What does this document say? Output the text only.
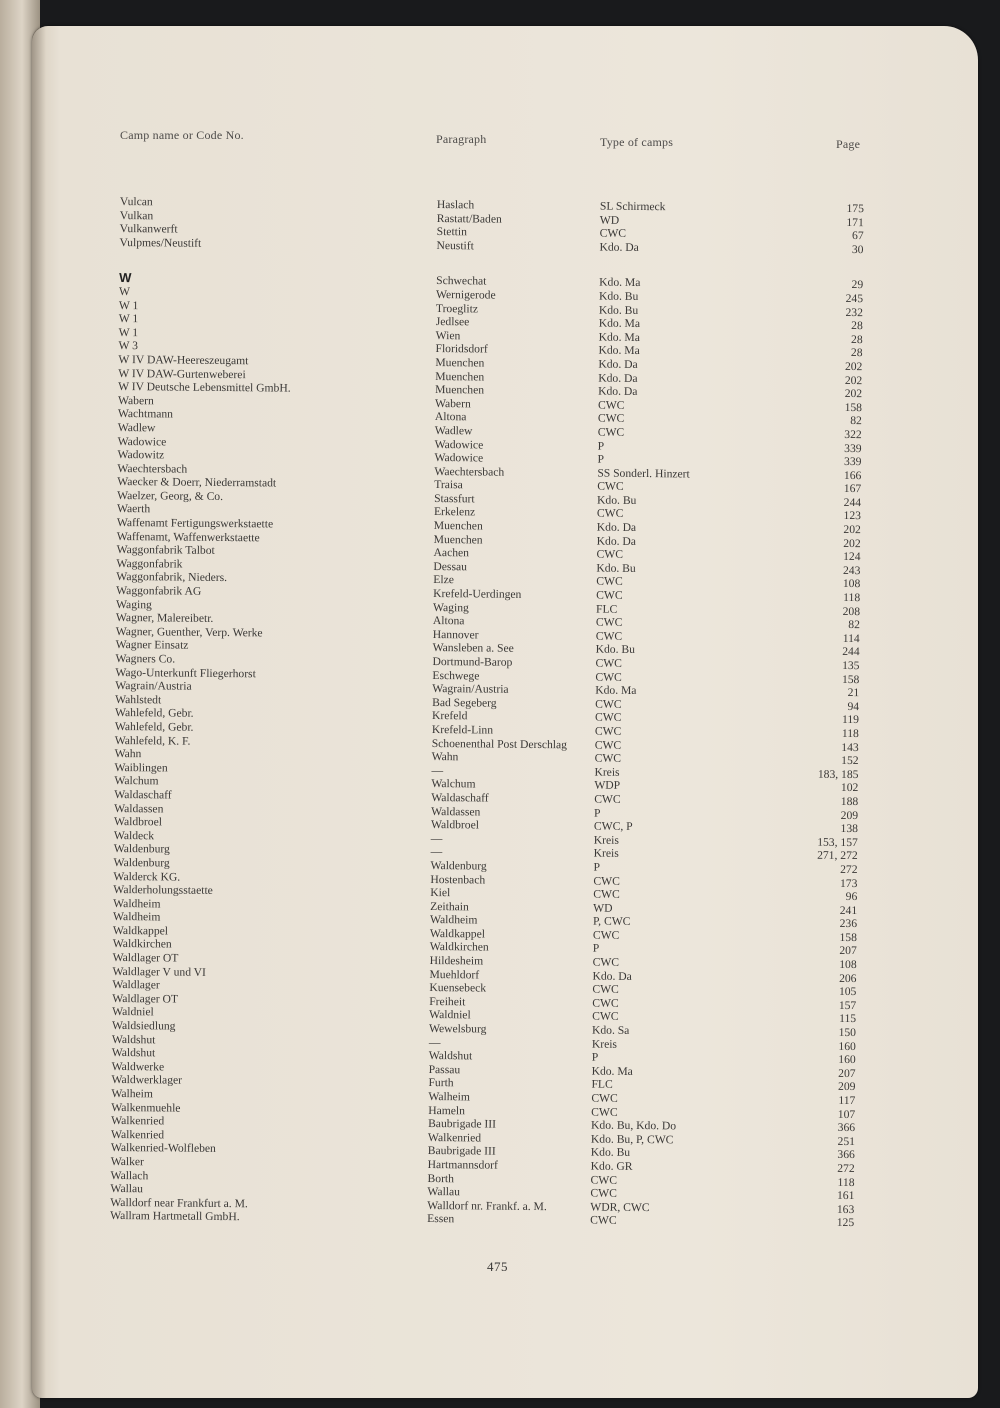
Camp name or Code No.	Paragraph	Type of camps	Page
Vulcan	Haslach	SL Schirmeck	175
Vulkan	Rastatt/Baden	WD	171
Vulkanwerft	Stettin	CWC	67
Vulpmes/Neustift	Neustift	Kdo. Da	30
W	Schwechat	Kdo. Ma	29
W	Wernigerode	Kdo. Bu	245
W 1	Troeglitz	Kdo. Bu	232
W 1	Jedlsee	Kdo. Ma	28
W 1	Wien	Kdo. Ma	28
W 3	Floridsdorf	Kdo. Ma	28
W IV DAW-Heereszeugamt	Muenchen	Kdo. Da	202
W IV DAW-Gurtenweberei	Muenchen	Kdo. Da	202
W IV Deutsche Lebensmittel GmbH.	Muenchen	Kdo. Da	202
Wabern	Wabern	CWC	158
Wachtmann	Altona	CWC	82
Wadlew	Wadlew	CWC	322
Wadowice	Wadowice	P	339
Wadowitz	Wadowice	P	339
Waechtersbach	Waechtersbach	SS Sonderl. Hinzert	166
Waecker & Doerr, Niederramstadt	Traisa	CWC	167
Waelzer, Georg, & Co.	Stassfurt	Kdo. Bu	244
Waerth	Erkelenz	CWC	123
Waffenamt Fertigungswerkstaette	Muenchen	Kdo. Da	202
Waffenamt, Waffenwerkstaette	Muenchen	Kdo. Da	202
Waggonfabrik Talbot	Aachen	CWC	124
Waggonfabrik	Dessau	Kdo. Bu	243
Waggonfabrik, Nieders.	Elze	CWC	108
Waggonfabrik AG	Krefeld-Uerdingen	CWC	118
Waging	Waging	FLC	208
Wagner, Malereibetr.	Altona	CWC	82
Wagner, Guenther, Verp. Werke	Hannover	CWC	114
Wagner Einsatz	Wansleben a. See	Kdo. Bu	244
Wagners Co.	Dortmund-Barop	CWC	135
Wago-Unterkunft Fliegerhorst	Eschwege	CWC	158
Wagrain/Austria	Wagrain/Austria	Kdo. Ma	21
Wahlstedt	Bad Segeberg	CWC	94
Wahlefeld, Gebr.	Krefeld	CWC	119
Wahlefeld, Gebr.	Krefeld-Linn	CWC	118
Wahlefeld, K. F.	Schoenenthal Post Derschlag CWC	143
Wahn	Wahn	CWC	152
Waiblingen	—	Kreis	183, 185
Walchum	Walchum	WDP	102
Waldaschaff	Waldaschaff	CWC	188
Waldassen	Waldassen	P	209
Waldbroel	Waldbroel	CWC, P	138
Waldeck	—	Kreis	153, 157
Waldenburg	—	Kreis	271, 272
Waldenburg	Waldenburg	P	272
Walderck KG.	Hostenbach	CWC	173
Walderholungsstaette	Kiel	CWC	96
Waldheim	Zeithain	WD	241
Waldheim	Waldheim	P, CWC	236
Waldkappel	Waldkappel	CWC	158
Waldkirchen	Waldkirchen	P	207
Waldlager OT	Hildesheim	CWC	108
Waldlager V und VI	Muehldorf	Kdo. Da	206
Waldlager	Kuensebeck	CWC	105
Waldlager OT	Freiheit	CWC	157
Waldniel	Waldniel	CWC	115
Waldsiedlung	Wewelsburg	Kdo. Sa	150
Waldshut	—	Kreis	160
Waldshut	Waldshut	P	160
Waldwerke	Passau	Kdo. Ma	207
Waldwerklager	Furth	FLC	209
Walheim	Walheim	CWC	117
Walkenmuehle	Hameln	CWC	107
Walkenried	Baubrigade III	Kdo. Bu, Kdo. Do	366
Walkenried	Walkenried	Kdo. Bu, P, CWC	251
Walkenried-Wolfleben	Baubrigade III	Kdo. Bu	366
Walker	Hartmannsdorf	Kdo. GR	272
Wallach	Borth	CWC	118
Wallau	Wallau	CWC	161
Walldorf near Frankfurt a. M.	Walldorf nr. Frankf. a. M.	WDR, CWC	163
Wallram Hartmetall GmbH.	Essen	CWC	125
475
